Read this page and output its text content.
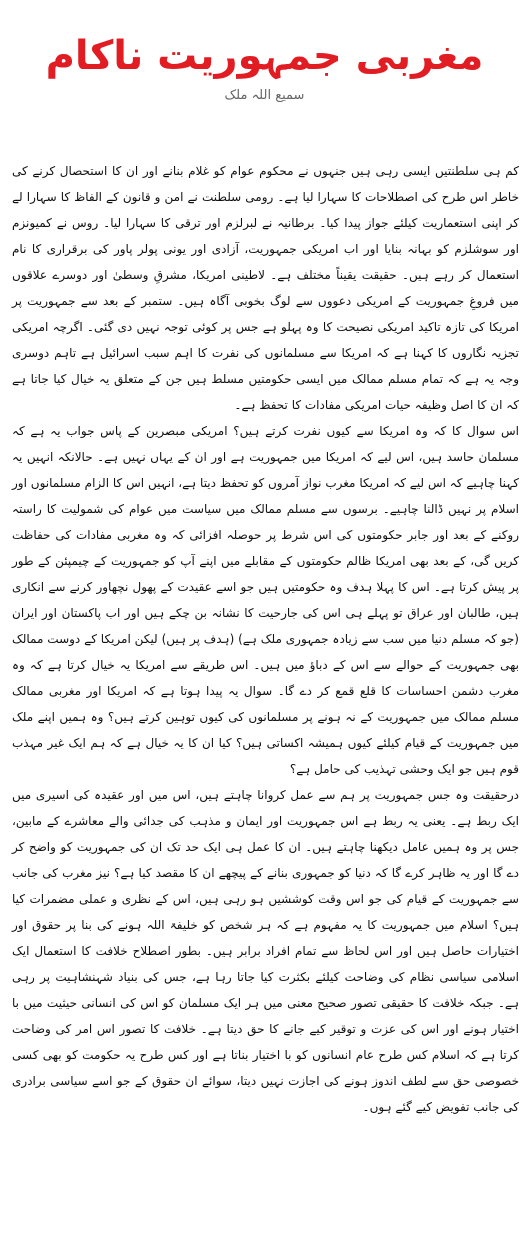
مغربی جمہوریت ناکام
سمیع اللہ ملک

کم ہی سلطنتیں ایسی رہی ہیں جنہوں نے محکوم عوام کو غلام بنانے اور ان کا استحصال کرنے کی خاطر اس طرح کی اصطلاحات کا سہارا لیا ہے۔ رومی سلطنت نے امن و قانون کے الفاظ کا سہارا لے کر اپنی استعماریت کیلئے جواز پیدا کیا۔ برطانیہ نے لبرلزم اور ترقی کا سہارا لیا۔ روس نے کمیونزم اور سوشلزم کو بہانہ بنایا اور اب امریکی جمہوریت، آزادی اور یونی پولر پاور کی برقراری کا نام استعمال کر رہے ہیں۔ حقیقت یقیناً مختلف ہے۔ لاطینی امریکا، مشرقِ وسطیٰ اور دوسرے علاقوں میں فروغِ جمہوریت کے امریکی دعووں سے لوگ بخوبی آگاہ ہیں۔ ستمبر کے بعد سے جمہوریت پر امریکا کی تازہ تاکید امریکی نصیحت کا وہ پہلو ہے جس پر کوئی توجہ نہیں دی گئی۔ اگرچہ امریکی تجزیہ نگاروں کا کہنا ہے کہ امریکا سے مسلمانوں کی نفرت کا اہم سبب اسرائیل ہے تاہم دوسری وجہ یہ ہے کہ تمام مسلم ممالک میں ایسی حکومتیں مسلط ہیں جن کے متعلق یہ خیال کیا جاتا ہے کہ ان کا اصل وظیفہ حیات امریکی مفادات کا تحفظ ہے۔

اس سوال کا کہ وہ امریکا سے کیوں نفرت کرتے ہیں؟ امریکی مبصرین کے پاس جواب یہ ہے کہ مسلمان حاسد ہیں، اس لیے کہ امریکا میں جمہوریت ہے اور ان کے یہاں نہیں ہے۔ حالانکہ انہیں یہ کہنا چاہیے کہ اس لیے کہ امریکا مغرب نواز آمروں کو تحفظ دیتا ہے، انہیں اس کا الزام مسلمانوں اور اسلام پر نہیں ڈالنا چاہیے۔ برسوں سے مسلم ممالک میں سیاست میں عوام کی شمولیت کا راستہ روکنے کے بعد اور جابر حکومتوں کی اس شرط پر حوصلہ افزائی کہ وہ مغربی مفادات کی حفاظت کریں گی، کے بعد بھی امریکا ظالم حکومتوں کے مقابلے میں اپنے آپ کو جمہوریت کے چیمپئن کے طور پر پیش کرتا ہے۔ اس کا پہلا ہدف وہ حکومتیں ہیں جو اسے عقیدت کے پھول نچھاور کرنے سے انکاری ہیں، طالبان اور عراق تو پہلے ہی اس کی جارحیت کا نشانہ بن چکے ہیں اور اب پاکستان اور ایران (جو کہ مسلم دنیا میں سب سے زیادہ جمہوری ملک ہے) (ہدف پر ہیں) لیکن امریکا کے دوست ممالک بھی جمہوریت کے حوالے سے اس کے دباؤ میں ہیں۔ اس طریقے سے امریکا یہ خیال کرتا ہے کہ وہ مغرب دشمن احساسات کا قلع قمع کر دے گا۔ سوال یہ پیدا ہوتا ہے کہ امریکا اور مغربی ممالک مسلم ممالک میں جمہوریت کے نہ ہونے پر مسلمانوں کی کیوں توہین کرتے ہیں؟ وہ ہمیں اپنے ملک میں جمہوریت کے قیام کیلئے کیوں ہمیشہ اکساتی ہیں؟ کیا ان کا یہ خیال ہے کہ ہم ایک غیر مہذب قوم ہیں جو ایک وحشی تہذیب کی حامل ہے؟

درحقیقت وہ جس جمہوریت پر ہم سے عمل کروانا چاہتے ہیں، اس میں اور عقیدہ کی اسیری میں ایک ربط ہے۔ یعنی یہ ربط ہے اس جمہوریت اور ایمان و مذہب کی جدائی والے معاشرے کے مابین، جس پر وہ ہمیں عامل دیکھنا چاہتے ہیں۔ ان کا عمل ہی ایک حد تک ان کی جمہوریت کو واضح کر دے گا اور یہ ظاہر کرے گا کہ دنیا کو جمہوری بنانے کے پیچھے ان کا مقصد کیا ہے؟ نیز مغرب کی جانب سے جمہوریت کے قیام کی جو اس وقت کوششیں ہو رہی ہیں، اس کے نظری و عملی مضمرات کیا ہیں؟ اسلام میں جمہوریت کا یہ مفہوم ہے کہ ہر شخص کو خلیفۃ اللہ ہونے کی بنا پر حقوق اور اختیارات حاصل ہیں اور اس لحاظ سے تمام افراد برابر ہیں۔ بطور اصطلاح خلافت کا استعمال ایک اسلامی سیاسی نظام کی وضاحت کیلئے بکثرت کیا جاتا رہا ہے، جس کی بنیاد شہنشاہیت پر رہی ہے۔ جبکہ خلافت کا حقیقی تصور صحیح معنی میں ہر ایک مسلمان کو اس کی انسانی حیثیت میں با اختیار ہونے اور اس کی عزت و توقیر کیے جانے کا حق دیتا ہے۔ خلافت کا تصور اس امر کی وضاحت کرتا ہے کہ اسلام کس طرح عام انسانوں کو با اختیار بناتا ہے اور کس طرح یہ حکومت کو بھی کسی خصوصی حق سے لطف اندوز ہونے کی اجازت نہیں دیتا، سوائے ان حقوق کے جو اسے سیاسی برادری کی جانب تفویض کیے گئے ہوں۔
